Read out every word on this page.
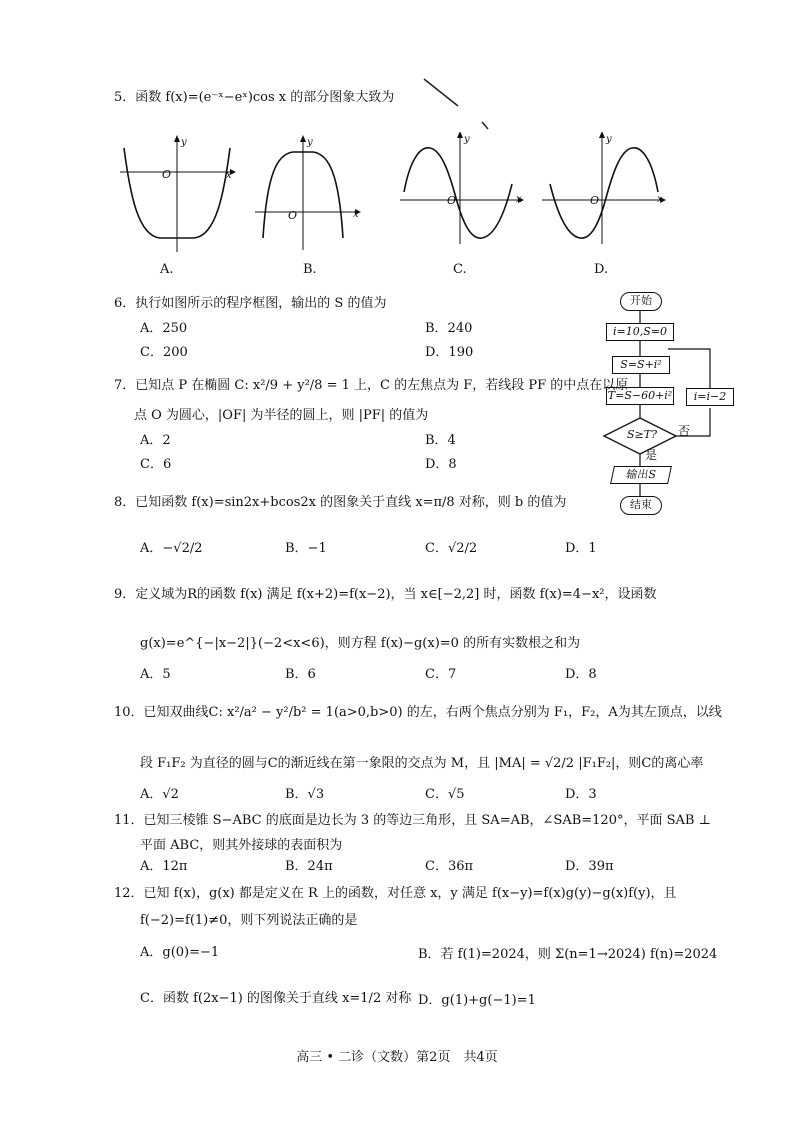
5．函数 f(x)=(e⁻ˣ−eˣ)cos x 的部分图象大致为
y
O	x
A.
y
O	x
B.
y
O	x
C.
y
O	x
D.
6．执行如图所示的程序框图，输出的 S 的值为
A．250	B．240
C．200	D．190
开始
i=10,S=0
S=S+i²
T=S−60+i²	i=i−2
S≥T?	否
是
输出S
结束
7．已知点 P 在椭圆 C: x²/9 + y²/8 = 1 上，C 的左焦点为 F，若线段 PF 的中点在以原
点 O 为圆心，|OF| 为半径的圆上，则 |PF| 的值为
A．2	B．4
C．6	D．8
8．已知函数 f(x)=sin2x+bcos2x 的图象关于直线 x=π/8 对称，则 b 的值为
A．−√2/2	B．−1	C．√2/2	D．1
9．定义域为R的函数 f(x) 满足 f(x+2)=f(x−2)，当 x∈[−2,2] 时，函数 f(x)=4−x²，设函数
g(x)=e^{−|x−2|}(−2<x<6)，则方程 f(x)−g(x)=0 的所有实数根之和为
A．5	B．6	C．7	D．8
10．已知双曲线C: x²/a² − y²/b² = 1(a>0,b>0) 的左，右两个焦点分别为 F₁，F₂，A为其左顶点，以线
段 F₁F₂ 为直径的圆与C的渐近线在第一象限的交点为 M，且 |MA| = √2/2 |F₁F₂|，则C的离心率
A．√2	B．√3	C．√5	D．3
11．已知三棱锥 S−ABC 的底面是边长为 3 的等边三角形，且 SA=AB，∠SAB=120°，平面 SAB ⊥
平面 ABC，则其外接球的表面积为
A．12π	B．24π	C．36π	D．39π
12．已知 f(x)，g(x) 都是定义在 R 上的函数，对任意 x，y 满足 f(x−y)=f(x)g(y)−g(x)f(y)，且
f(−2)=f(1)≠0，则下列说法正确的是
A．g(0)=−1	B．若 f(1)=2024，则 Σ(n=1→2024) f(n)=2024
C．函数 f(2x−1) 的图像关于直线 x=1/2 对称 D．g(1)+g(−1)=1
高三 • 二诊（文数）第2页　共4页
